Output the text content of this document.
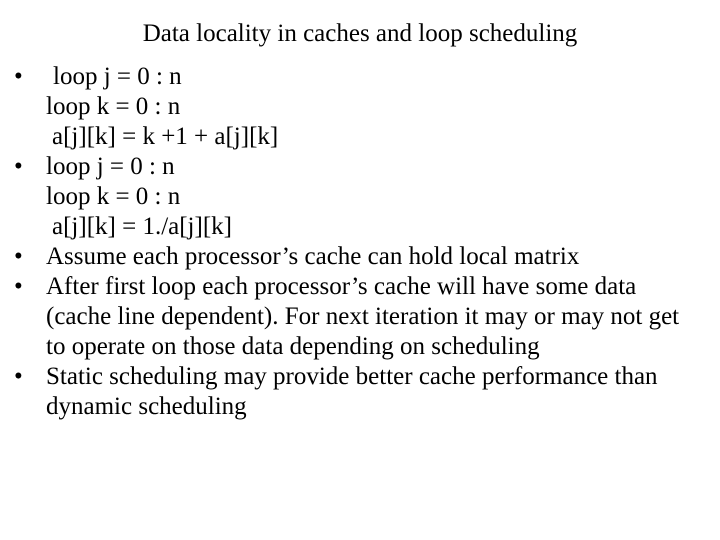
Data locality in caches and loop scheduling
•	loop j = 0 : n
loop k = 0 : n
a[j][k] = k +1 + a[j][k]
• loop j = 0 : n
loop k = 0 : n
a[j][k] = 1./a[j][k]
• Assume each processor’s cache can hold local matrix
• After first loop each processor’s cache will have some data (cache line dependent). For next iteration it may or may not get to operate on those data depending on scheduling
• Static scheduling may provide better cache performance than dynamic scheduling
